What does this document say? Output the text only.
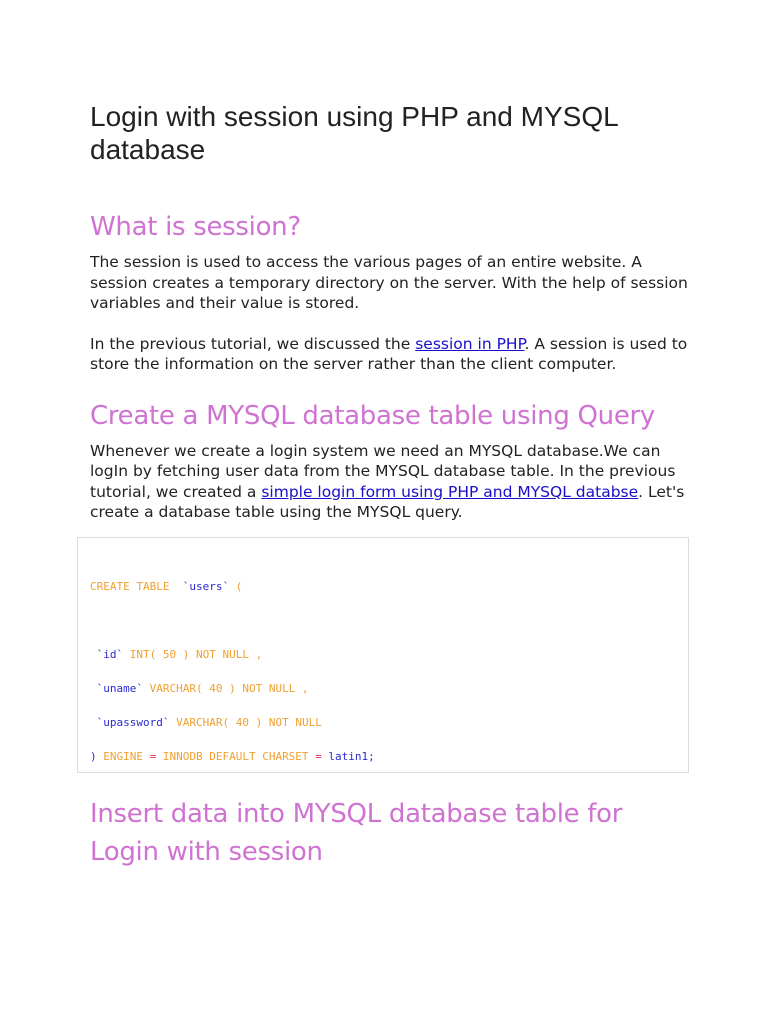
Login with session using PHP and MYSQL database
What is session?

The session is used to access the various pages of an entire website. A session creates a temporary directory on the server. With the help of session variables and their value is stored.

In the previous tutorial, we discussed the session in PHP. A session is used to store the information on the server rather than the client computer.

Create a MYSQL database table using Query

Whenever we create a login system we need an MYSQL database.We can logIn by fetching user data from the MYSQL database table. In the previous tutorial, we created a simple login form using PHP and MYSQL databse. Let's create a database table using the MYSQL query.

CREATE TABLE `users` (
`id` INT( 50 ) NOT NULL ,
`uname` VARCHAR( 40 ) NOT NULL ,
`upassword` VARCHAR( 40 ) NOT NULL
) ENGINE = INNODB DEFAULT CHARSET = latin1;
Insert data into MYSQL database table for Login with session
